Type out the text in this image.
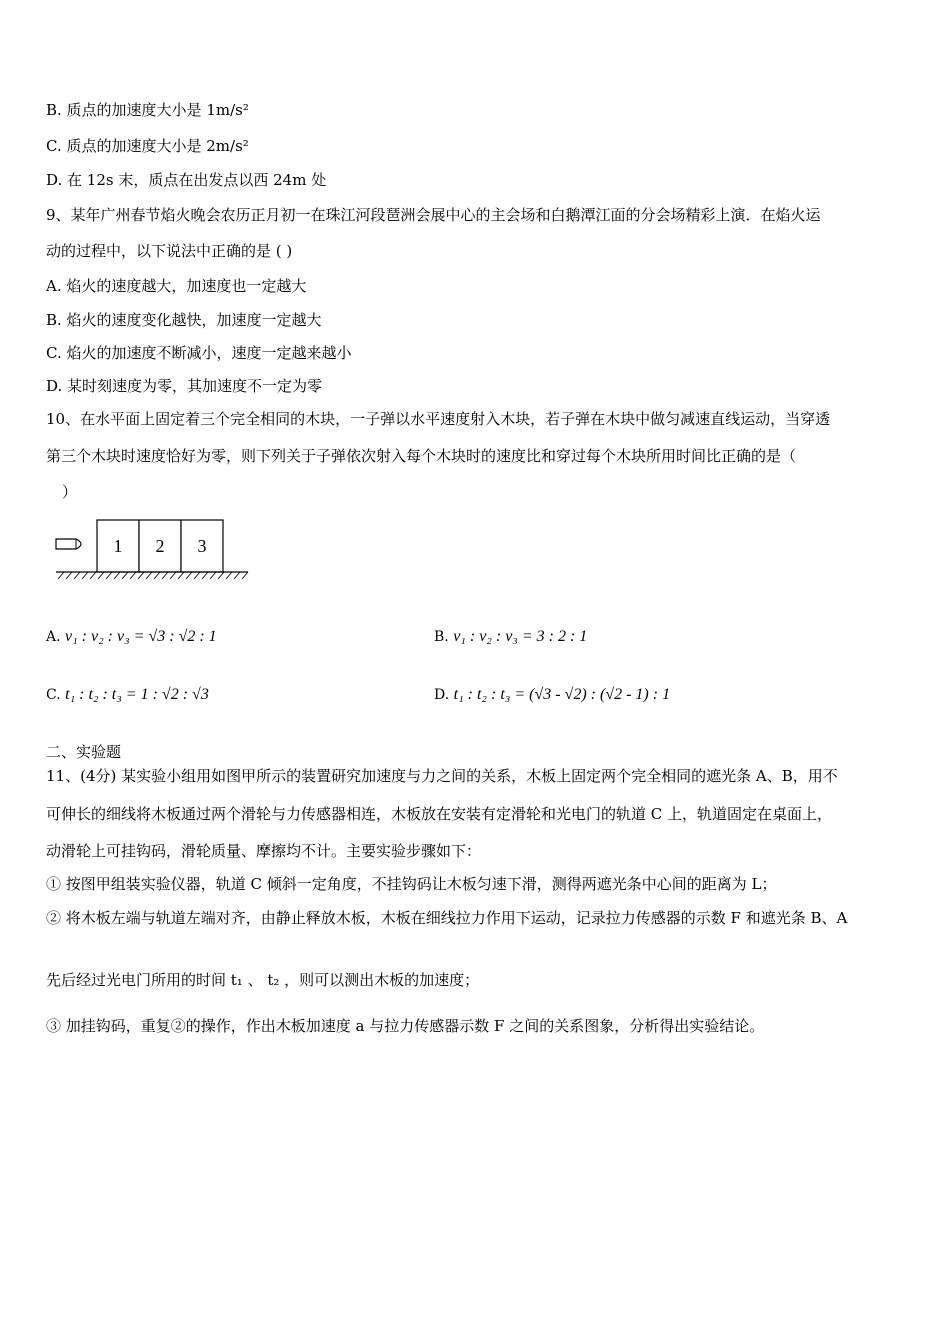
B. 质点的加速度大小是 1m/s²
C. 质点的加速度大小是 2m/s²
D. 在 12s 末，质点在出发点以西 24m 处
9、某年广州春节焰火晚会农历正月初一在珠江河段琶洲会展中心的主会场和白鹅潭江面的分会场精彩上演．在焰火运
动的过程中，以下说法中正确的是 ( )
A. 焰火的速度越大，加速度也一定越大
B. 焰火的速度变化越快，加速度一定越大
C. 焰火的加速度不断减小，速度一定越来越小
D. 某时刻速度为零，其加速度不一定为零
10、在水平面上固定着三个完全相同的木块，一子弹以水平速度射入木块，若子弹在木块中做匀减速直线运动，当穿透
第三个木块时速度恰好为零，则下列关于子弹依次射入每个木块时的速度比和穿过每个木块所用时间比正确的是（
）
1 2 3
A. v₁ : v₂ : v₃ = √3 : √2 : 1	B. v₁ : v₂ : v₃ = 3 : 2 : 1
C. t₁ : t₂ : t₃ = 1 : √2 : √3	D. t₁ : t₂ : t₃ = (√3 - √2) : (√2 - 1) : 1
二、实验题
11、(4分) 某实验小组用如图甲所示的装置研究加速度与力之间的关系，木板上固定两个完全相同的遮光条 A、B，用不
可伸长的细线将木板通过两个滑轮与力传感器相连，木板放在安装有定滑轮和光电门的轨道 C 上，轨道固定在桌面上，
动滑轮上可挂钩码，滑轮质量、摩擦均不计。主要实验步骤如下：
① 按图甲组装实验仪器，轨道 C 倾斜一定角度，不挂钩码让木板匀速下滑，测得两遮光条中心间的距离为 L；
② 将木板左端与轨道左端对齐，由静止释放木板，木板在细线拉力作用下运动，记录拉力传感器的示数 F 和遮光条 B、A
先后经过光电门所用的时间 t₁ 、 t₂ ，则可以测出木板的加速度；
③ 加挂钩码，重复②的操作，作出木板加速度 a 与拉力传感器示数 F 之间的关系图象，分析得出实验结论。
